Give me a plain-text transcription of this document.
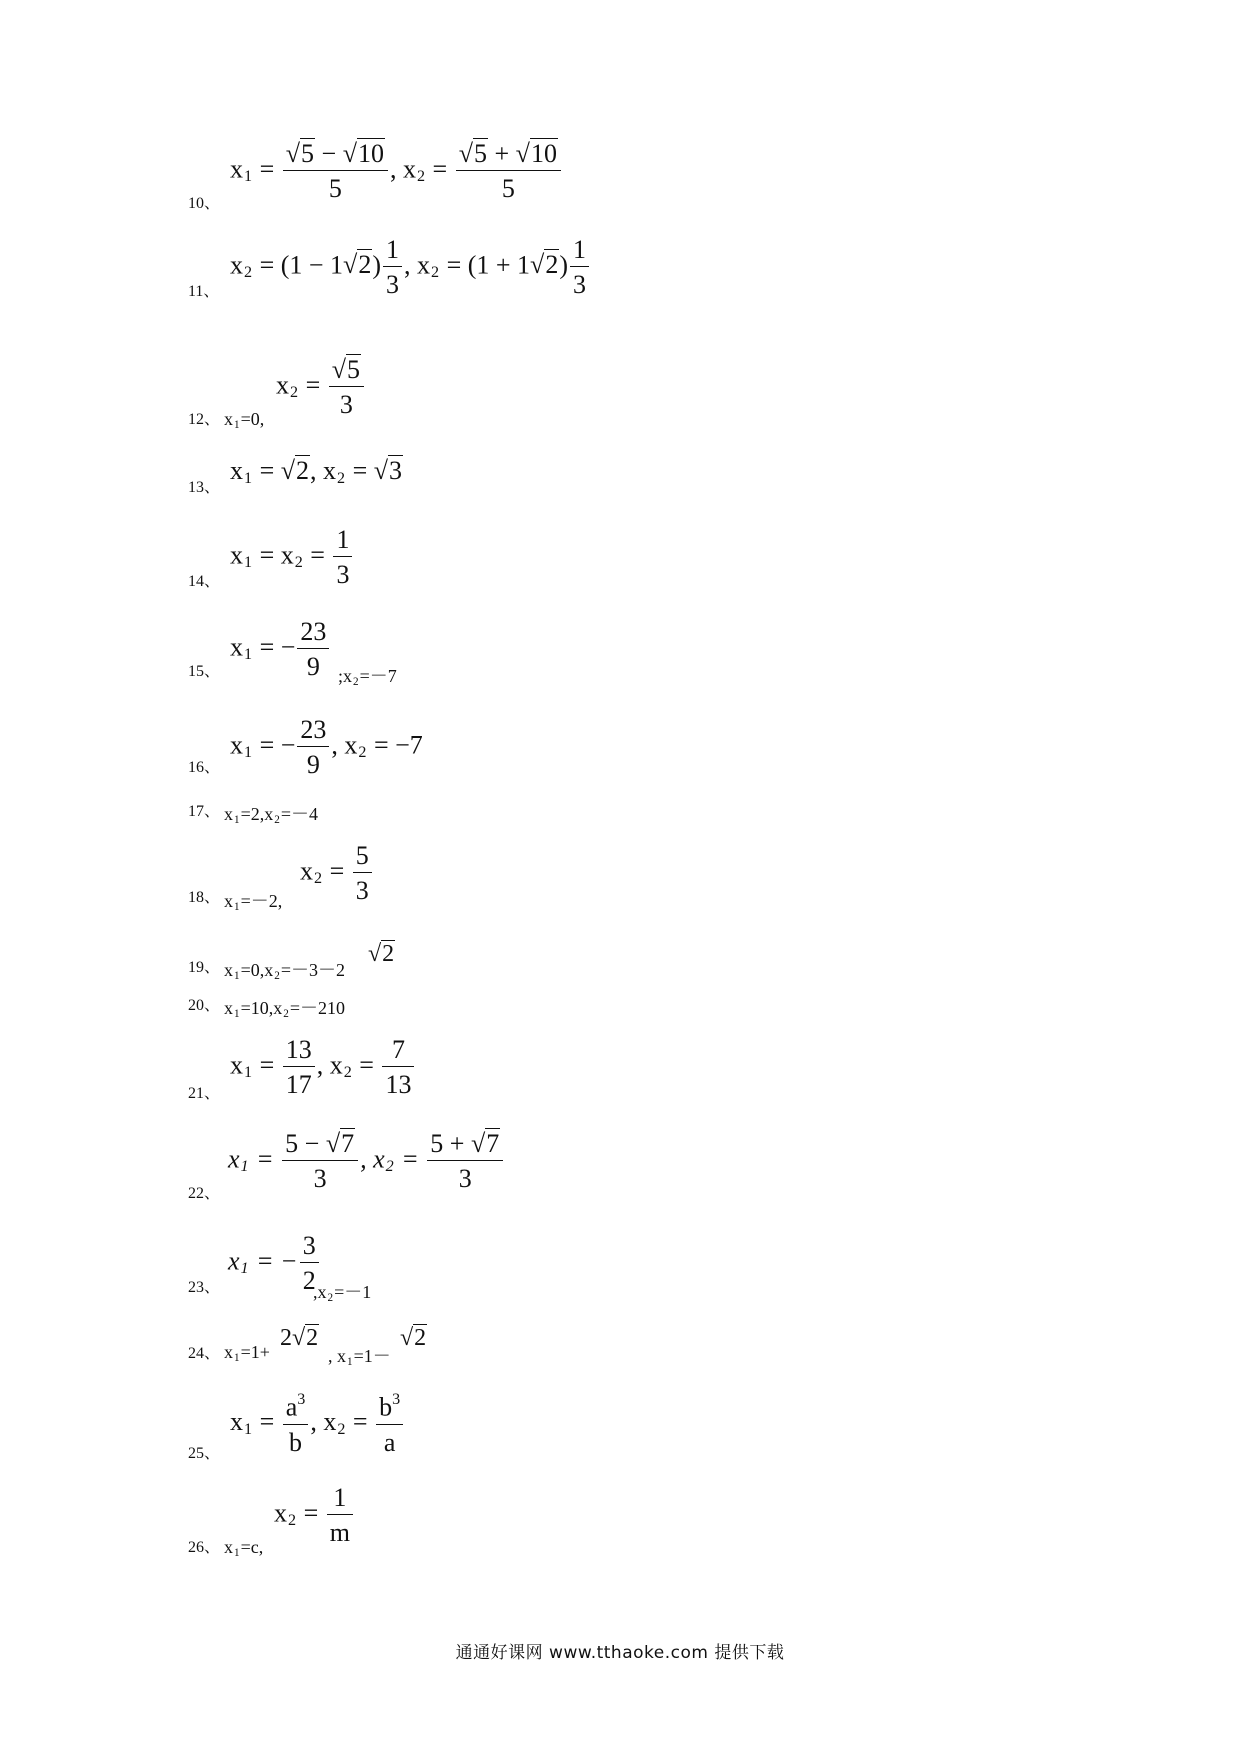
10、
$x_1 = \frac{√5 - √10}{5}$ , $x_2 = \frac{√5 + √10}{5}$
11、
$x_2 = (1 - 1√2) \frac{1}{3}$ , $x_2 = (1 + 1√2) \frac{1}{3}$
12、 $x_1=0$,
$x_2 = \frac{√5}{3}$
13、
$x_1 = √2$, $x_2 = √3$
14、
$x_1 = x_2 = \frac{1}{3}$
15、
$x_1$ = − $\frac{23}{9}$ $;x_2=-7$
16、
$x_1$ = − $\frac{23}{9}$ , $x_2 = -7$
17、 $x_1=2,x_2=-4$
18、 $x_1=-2$,
$x_2 = \frac{5}{3}$
19、 $x_1=0,x_2=-3-2$
√2
20、 $x_1=10,x_2=-210$
21、
$x_1 = \frac{13}{17}$ , $x_2 = \frac{7}{13}$
22、
$x_1 = \frac{5 - √7}{3}$ , $x_2 = \frac{5 + √7}{3}$
23、
$x_1$ = − $\frac{3}{2}$
$,x_2=-1$
24、 $x_1=1+$
2√2
, $x_1=1-$
√2
25、
$x_1 = \frac{a^3}{b}$ , $x_2 = \frac{b^3}{a}$
26、 $x_1=c$,
$x_2 = \frac{1}{m}$
通通好课网 www.tthaoke.com 提供下载
